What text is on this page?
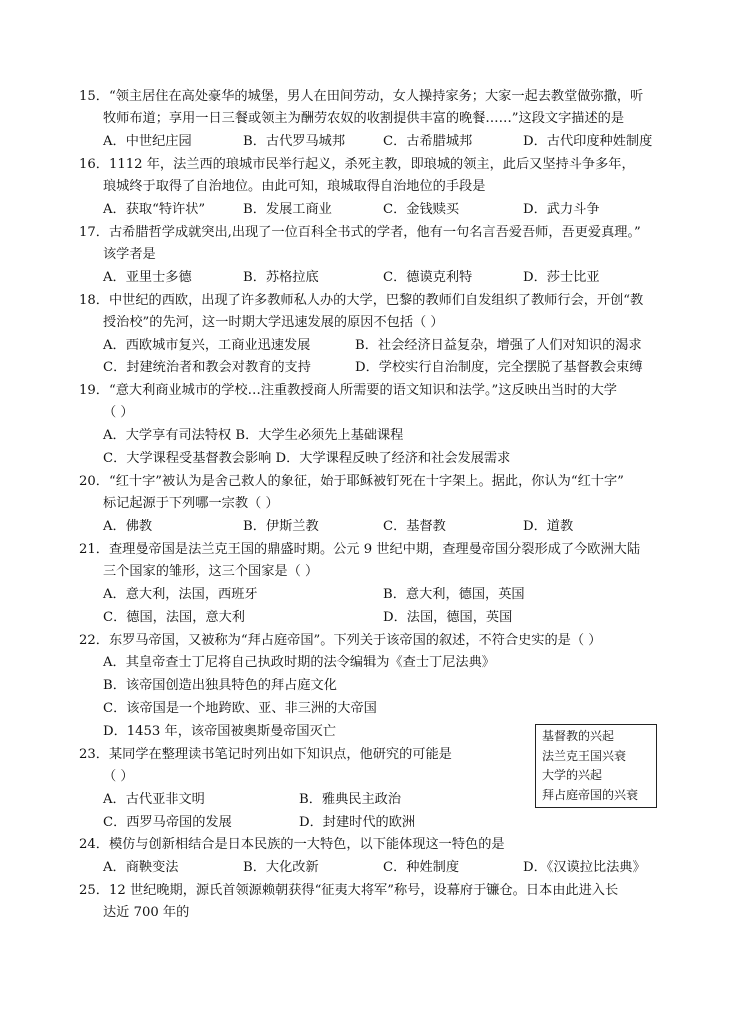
15．“领主居住在高处豪华的城堡，男人在田间劳动，女人操持家务；大家一起去教堂做弥撒，听
牧师布道；享用一日三餐或领主为酬劳农奴的收割提供丰富的晚餐……”这段文字描述的是
A．中世纪庄园	B．古代罗马城邦	C．古希腊城邦	D．古代印度种姓制度
16．1112 年，法兰西的琅城市民举行起义，杀死主教，即琅城的领主，此后又坚持斗争多年，
琅城终于取得了自治地位。由此可知，琅城取得自治地位的手段是
A．获取“特许状”	B．发展工商业	C．金钱赎买	D．武力斗争
17．古希腊哲学成就突出,出现了一位百科全书式的学者，他有一句名言吾爱吾师，吾更爱真理。”
该学者是
A．亚里士多德	B．苏格拉底	C．德谟克利特	D．莎士比亚
18．中世纪的西欧，出现了许多教师私人办的大学，巴黎的教师们自发组织了教师行会，开创“教
授治校”的先河，这一时期大学迅速发展的原因不包括（ ）
A．西欧城市复兴，工商业迅速发展	B．社会经济日益复杂，增强了人们对知识的渴求
C．封建统治者和教会对教育的支持	D．学校实行自治制度，完全摆脱了基督教会束缚
19．“意大利商业城市的学校…注重教授商人所需要的语文知识和法学。”这反映出当时的大学
（ ）
A．大学享有司法特权 B．大学生必须先上基础课程
C．大学课程受基督教会影响 D．大学课程反映了经济和社会发展需求
20．“红十字”被认为是舍己救人的象征，始于耶稣被钉死在十字架上。据此，你认为“红十字”
标记起源于下列哪一宗教（ ）
A．佛教	B．伊斯兰教	C．基督教	D．道教
21．查理曼帝国是法兰克王国的鼎盛时期。公元 9 世纪中期，查理曼帝国分裂形成了今欧洲大陆
三个国家的雏形，这三个国家是（ ）
A．意大利，法国，西班牙	B．意大利，德国，英国
C．德国，法国，意大利	D．法国，德国，英国
22．东罗马帝国，又被称为“拜占庭帝国”。下列关于该帝国的叙述，不符合史实的是（ ）
A．其皇帝查士丁尼将自己执政时期的法令编辑为《查士丁尼法典》
B．该帝国创造出独具特色的拜占庭文化
C．该帝国是一个地跨欧、亚、非三洲的大帝国
D．1453 年，该帝国被奥斯曼帝国灭亡
23．某同学在整理读书笔记时列出如下知识点，他研究的可能是
（ ）
A．古代亚非文明	B．雅典民主政治
C．西罗马帝国的发展	D．封建时代的欧洲
基督教的兴起
法兰克王国兴衰
大学的兴起
拜占庭帝国的兴衰
24．模仿与创新相结合是日本民族的一大特色，以下能体现这一特色的是
A．商鞅变法	B．大化改新	C．种姓制度	D．《汉谟拉比法典》
25．12 世纪晚期，源氏首领源赖朝获得“征夷大将军”称号，设幕府于镰仓。日本由此进入长
达近 700 年的
